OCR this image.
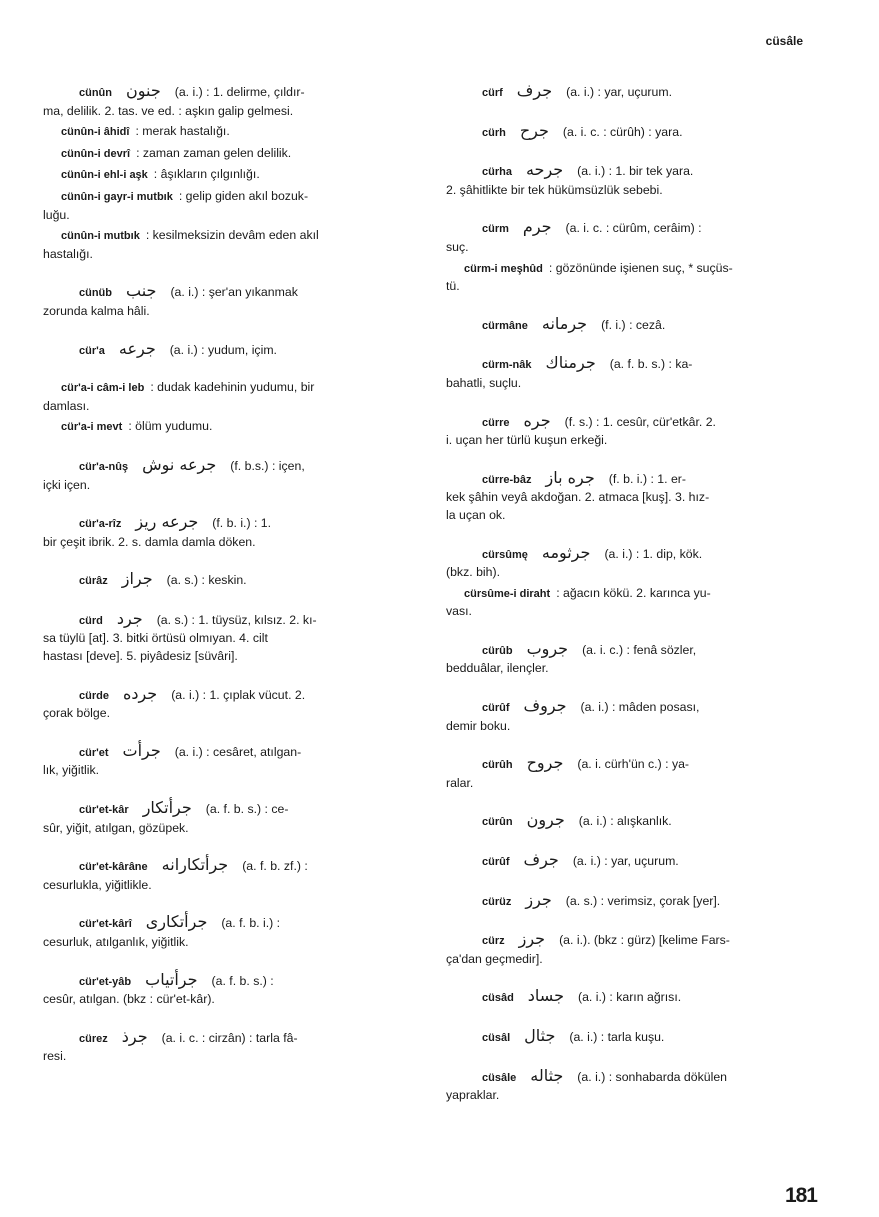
cüsâle

cünûn جنون (a. i.) : 1. delirme, çıldır-

ma, delilik. 2. tas. ve ed. : aşkın galip gelmesi.

cünûn-i âhidî : merak hastalığı.

cünûn-i devrî : zaman zaman gelen delilik.

cünûn-i ehl-i aşk : âşıkların çılgınlığı.

cünûn-i gayr-i mutbık : gelip giden akıl bozuk-

luğu.

cünûn-i mutbık : kesilmeksizin devâm eden akıl

hastalığı.

cünüb جنب (a. i.) : şer'an yıkanmak

zorunda kalma hâli.

cür'a جرعه (a. i.) : yudum, içim.

cür'a-i câm-i leb : dudak kadehinin yudumu, bir

damlası.

cür'a-i mevt : ölüm yudumu.

cür'a-nûş جرعه نوش (f. b.s.) : içen,

içki içen.

cür'a-rîz جرعه ریز (f. b. i.) : 1.

bir çeşit ibrik. 2. s. damla damla döken.

cürâz جراز (a. s.) : keskin.

cürd جرد (a. s.) : 1. tüysüz, kılsız. 2. kı-

sa tüylü [at]. 3. bitki örtüsü olmıyan. 4. cilt

hastası [deve]. 5. piyâdesiz [süvâri].

cürde جرده (a. i.) : 1. çıplak vücut. 2.

çorak bölge.

cür'et جرأت (a. i.) : cesâret, atılgan-

lık, yiğitlik.

cür'et-kâr جرأتكار (a. f. b. s.) : ce-

sûr, yiğit, atılgan, gözüpek.

cür'et-kârâne جرأتكارانه (a. f. b. zf.) :

cesurlukla, yiğitlikle.

cür'et-kârî جرأتكارى (a. f. b. i.) :

cesurluk, atılganlık, yiğitlik.

cür'et-yâb جرأتياب (a. f. b. s.) :

cesûr, atılgan. (bkz : cür'et-kâr).

cürez جرذ (a. i. c. : cirzân) : tarla fâ-

resi.

cürf جرف (a. i.) : yar, uçurum.

cürh جرح (a. i. c. : cürûh) : yara.

cürha جرحه (a. i.) : 1. bir tek yara.

2. şâhitlikte bir tek hükümsüzlük sebebi.

cürm جرم (a. i. c. : cürûm, cerâim) :

suç.

cürm-i meşhûd : gözönünde işienen suç, * suçüs-

tü.

cürmâne جرمانه (f. i.) : cezâ.

cürm-nâk جرمناك (a. f. b. s.) : ka-

bahatli, suçlu.

cürre جره (f. s.) : 1. cesûr, cür'etkâr. 2.

i. uçan her türlü kuşun erkeği.

cürre-bâz جره باز (f. b. i.) : 1. er-

kek şâhin veyâ akdoğan. 2. atmaca [kuş]. 3. hız-

la uçan ok.

cürsûmę جرثومه (a. i.) : 1. dip, kök.

(bkz. bih).

cürsûme-i diraht : ağacın kökü. 2. karınca yu-

vası.

cürûb جروب (a. i. c.) : fenâ sözler,

bedduâlar, ilençler.

cürûf جروف (a. i.) : mâden posası,

demir boku.

cürûh جروح (a. i. cürh'ün c.) : ya-

ralar.

cürûn جرون (a. i.) : alışkanlık.

cürûf جرف (a. i.) : yar, uçurum.

cürüz جرز (a. s.) : verimsiz, çorak [yer].

cürz جرز (a. i.). (bkz : gürz) [kelime Fars-

ça'dan geçmedir].

cüsâd جساد (a. i.) : karın ağrısı.

cüsâl جثال (a. i.) : tarla kuşu.

cüsâle جثاله (a. i.) : sonhabarda dökülen

yapraklar.

181
